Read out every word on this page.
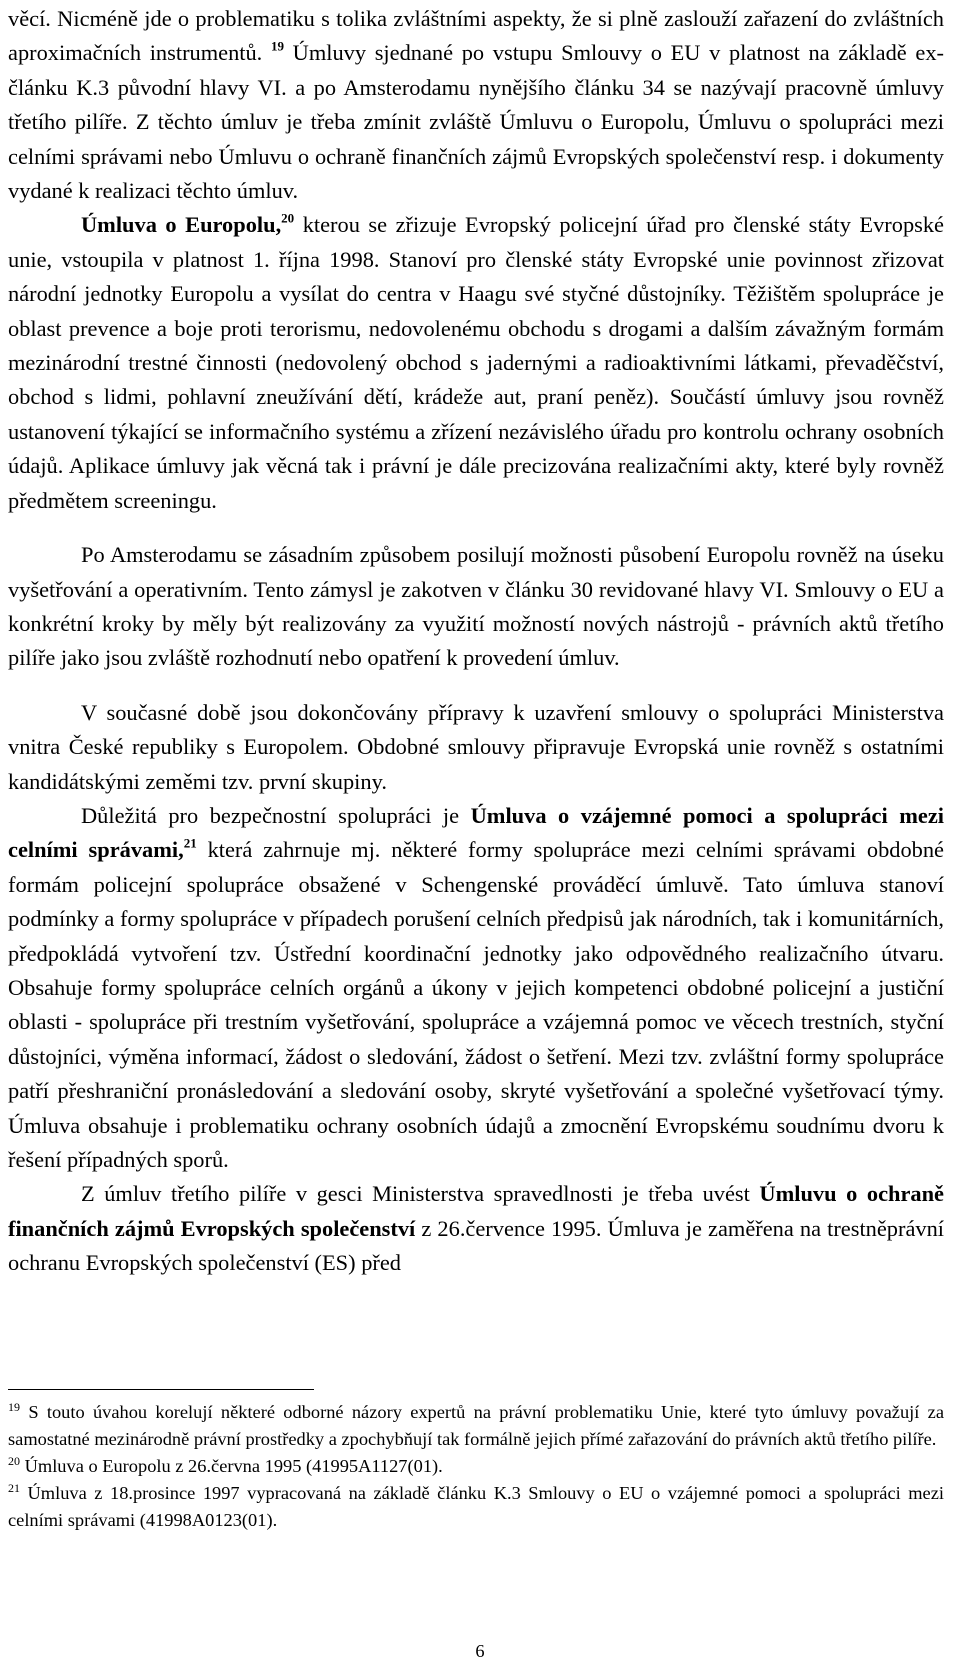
věcí. Nicméně jde o problematiku s tolika zvláštními aspekty, že si plně zaslouží zařazení do zvláštních aproximačních instrumentů. $^{19}$ Úmluvy sjednané po vstupu Smlouvy o EU v platnost na základě ex-článku K.3 původní hlavy VI. a po Amsterodamu nynějšího článku 34 se nazývají pracovně úmluvy třetího pilíře. Z těchto úmluv je třeba zmínit zvláště Úmluvu o Europolu, Úmluvu o spolupráci mezi celními správami nebo Úmluvu o ochraně finančních zájmů Evropských společenství resp. i dokumenty vydané k realizaci těchto úmluv.

Úmluva o Europolu,$^{20}$ kterou se zřizuje Evropský policejní úřad pro členské státy Evropské unie, vstoupila v platnost 1. října 1998. Stanoví pro členské státy Evropské unie povinnost zřizovat národní jednotky Europolu a vysílat do centra v Haagu své styčné důstojníky. Těžištěm spolupráce je oblast prevence a boje proti terorismu, nedovolenému obchodu s drogami a dalším závažným formám mezinárodní trestné činnosti (nedovolený obchod s jadernými a radioaktivními látkami, převaděčství, obchod s lidmi, pohlavní zneužívání dětí, krádeže aut, praní peněz). Součástí úmluvy jsou rovněž ustanovení týkající se informačního systému a zřízení nezávislého úřadu pro kontrolu ochrany osobních údajů. Aplikace úmluvy jak věcná tak i právní je dále precizována realizačními akty, které byly rovněž předmětem screeningu.

Po Amsterodamu se zásadním způsobem posilují možnosti působení Europolu rovněž na úseku vyšetřování a operativním. Tento zámysl je zakotven v článku 30 revidované hlavy VI. Smlouvy o EU a konkrétní kroky by měly být realizovány za využití možností nových nástrojů - právních aktů třetího pilíře jako jsou zvláště rozhodnutí nebo opatření k provedení úmluv.

V současné době jsou dokončovány přípravy k uzavření smlouvy o spolupráci Ministerstva vnitra České republiky s Europolem. Obdobné smlouvy připravuje Evropská unie rovněž s ostatními kandidátskými zeměmi tzv. první skupiny.

Důležitá pro bezpečnostní spolupráci je Úmluva o vzájemné pomoci a spolupráci mezi celními správami,$^{21}$ která zahrnuje mj. některé formy spolupráce mezi celními správami obdobné formám policejní spolupráce obsažené v Schengenské prováděcí úmluvě. Tato úmluva stanoví podmínky a formy spolupráce v případech porušení celních předpisů jak národních, tak i komunitárních, předpokládá vytvoření tzv. Ústřední koordinační jednotky jako odpovědného realizačního útvaru. Obsahuje formy spolupráce celních orgánů a úkony v jejich kompetenci obdobné policejní a justiční oblasti - spolupráce při trestním vyšetřování, spolupráce a vzájemná pomoc ve věcech trestních, styční důstojníci, výměna informací, žádost o sledování, žádost o šetření. Mezi tzv. zvláštní formy spolupráce patří přeshraniční pronásledování a sledování osoby, skryté vyšetřování a společné vyšetřovací týmy. Úmluva obsahuje i problematiku ochrany osobních údajů a zmocnění Evropskému soudnímu dvoru k řešení případných sporů.

Z úmluv třetího pilíře v gesci Ministerstva spravedlnosti je třeba uvést Úmluvu o ochraně finančních zájmů Evropských společenství z 26.července 1995. Úmluva je zaměřena na trestněprávní ochranu Evropských společenství (ES) před

$^{19}$ S touto úvahou korelují některé odborné názory expertů na právní problematiku Unie, které tyto úmluvy považují za samostatné mezinárodně právní prostředky a zpochybňují tak formálně jejich přímé zařazování do právních aktů třetího pilíře.

$^{20}$ Úmluva o Europolu z 26.června 1995 (41995A1127(01).

$^{21}$ Úmluva z 18.prosince 1997 vypracovaná na základě článku K.3 Smlouvy o EU o vzájemné pomoci a spolupráci mezi celními správami (41998A0123(01).

6
